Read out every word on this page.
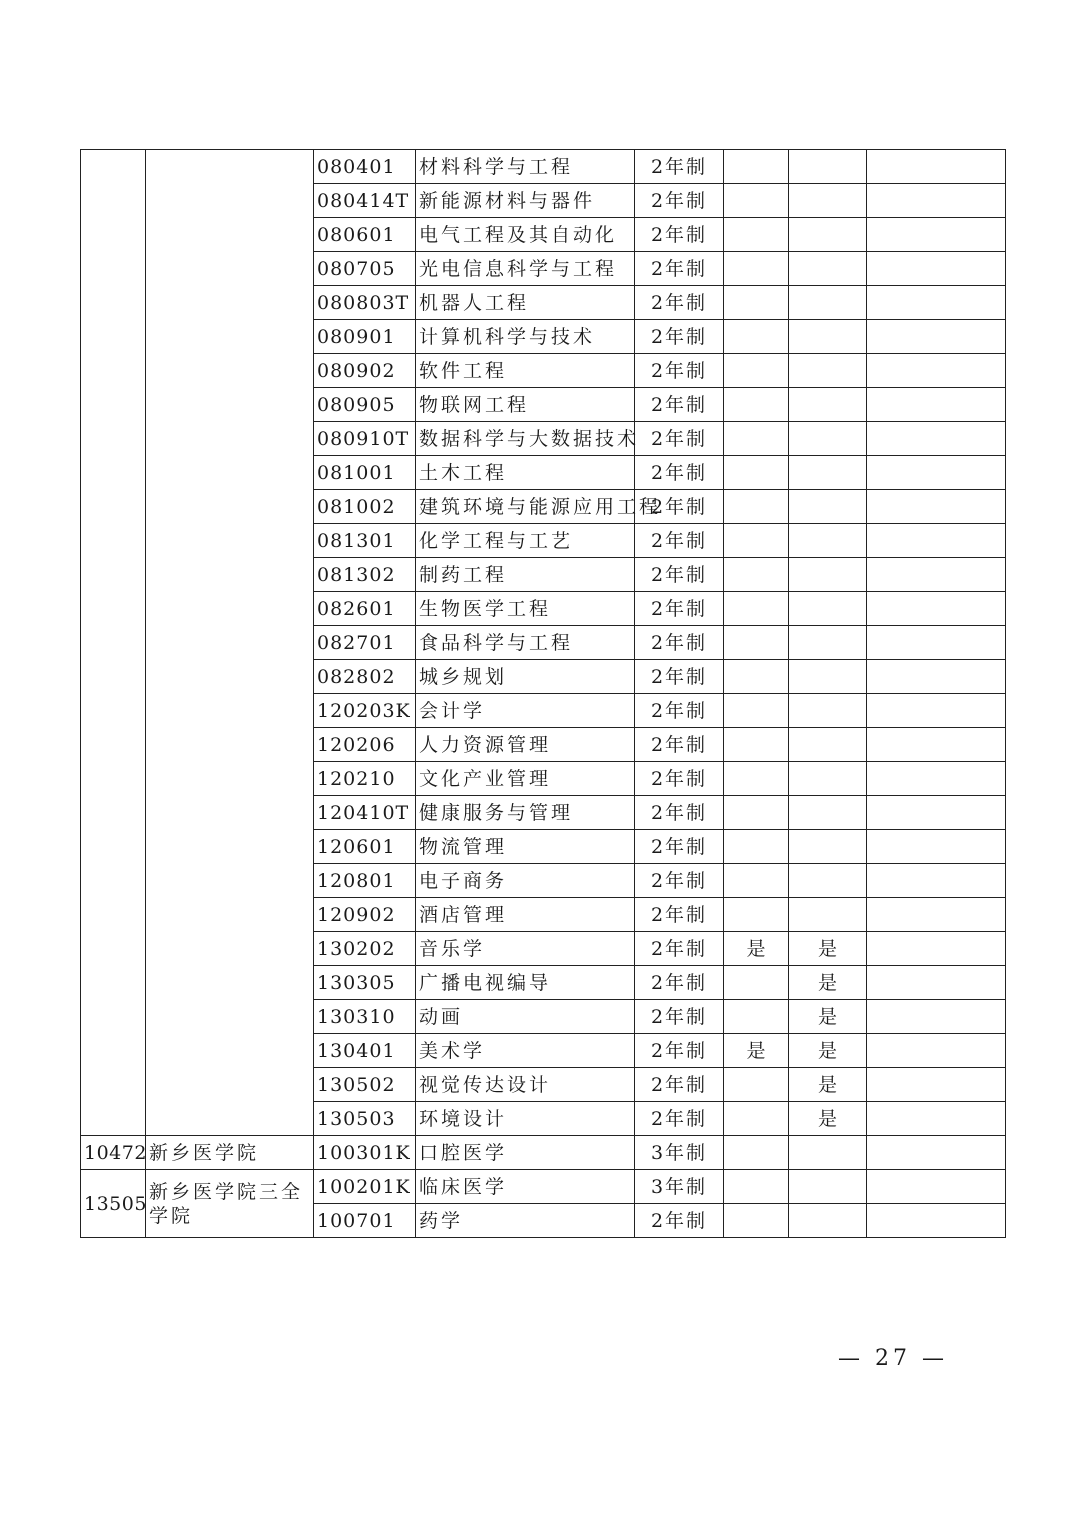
		080401	材料科学与工程	2年制			
		080414T	新能源材料与器件	2年制			
		080601	电气工程及其自动化	2年制			
		080705	光电信息科学与工程	2年制			
		080803T	机器人工程	2年制			
		080901	计算机科学与技术	2年制			
		080902	软件工程	2年制			
		080905	物联网工程	2年制			
		080910T	数据科学与大数据技术	2年制			
		081001	土木工程	2年制			
		081002	建筑环境与能源应用工程	2年制			
		081301	化学工程与工艺	2年制			
		081302	制药工程	2年制			
		082601	生物医学工程	2年制			
		082701	食品科学与工程	2年制			
		082802	城乡规划	2年制			
		120203K	会计学	2年制			
		120206	人力资源管理	2年制			
		120210	文化产业管理	2年制			
		120410T	健康服务与管理	2年制			
		120601	物流管理	2年制			
		120801	电子商务	2年制			
		120902	酒店管理	2年制			
		130202	音乐学	2年制	是	是	
		130305	广播电视编导	2年制		是	
		130310	动画	2年制		是	
		130401	美术学	2年制	是	是	
		130502	视觉传达设计	2年制		是	
		130503	环境设计	2年制		是	
10472	新乡医学院	100301K	口腔医学	3年制			
13505	新乡医学院三全学院	100201K	临床医学	3年制			
		100701	药学	2年制			
— 27 —
